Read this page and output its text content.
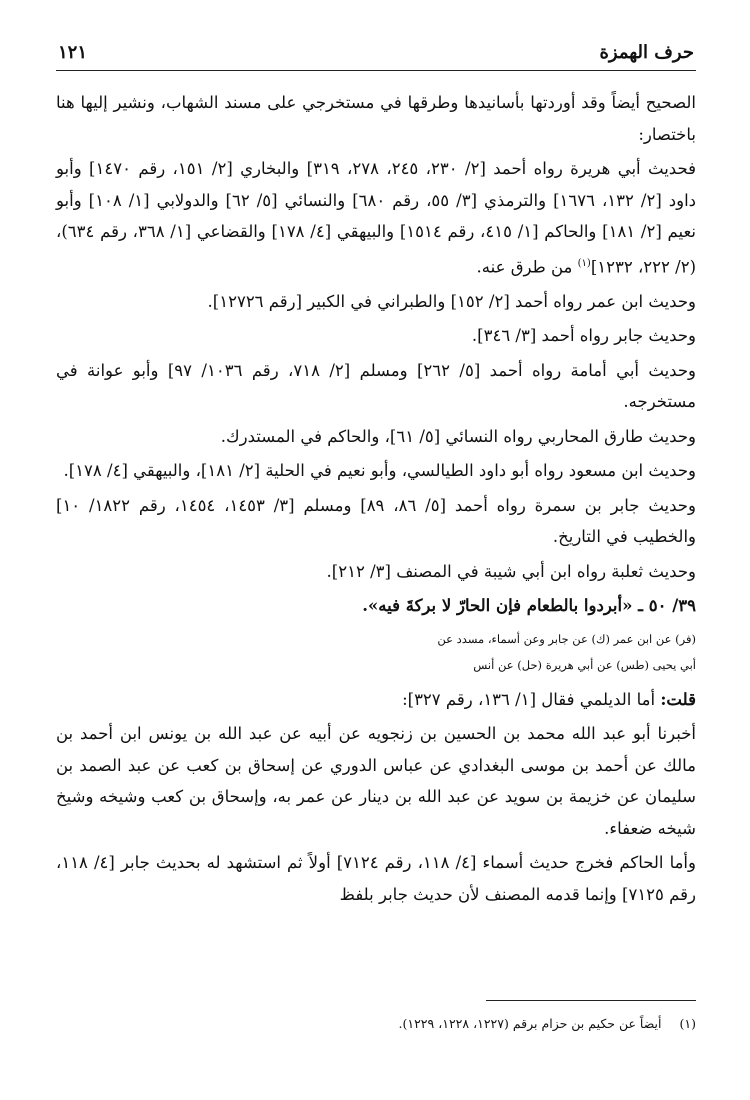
حرف الهمزة
١٢١

الصحيح أيضاً وقد أوردتها بأسانيدها وطرقها في مستخرجي على مسند الشهاب، ونشير إليها هنا باختصار:

فحديث أبي هريرة رواه أحمد [٢/ ٢٣٠، ٢٤٥، ٢٧٨، ٣١٩] والبخاري [٢/ ١٥١، رقم ١٤٧٠] وأبو داود [٢/ ١٣٢، ١٦٧٦] والترمذي [٣/ ٥٥، رقم ٦٨٠] والنسائي [٥/ ٦٢] والدولابي [١/ ١٠٨] وأبو نعيم [٢/ ١٨١] والحاكم [١/ ٤١٥، رقم ١٥١٤] والبيهقي [٤/ ١٧٨] والقضاعي [١/ ٣٦٨، رقم ٦٣٤)، (٢/ ٢٢٢، ١٢٣٢]$^{(١)}$ من طرق عنه.

وحديث ابن عمر رواه أحمد [٢/ ١٥٢] والطبراني في الكبير [رقم ١٢٧٢٦].

وحديث جابر رواه أحمد [٣/ ٣٤٦].

وحديث أبي أمامة رواه أحمد [٥/ ٢٦٢] ومسلم [٢/ ٧١٨، رقم ١٠٣٦/ ٩٧] وأبو عوانة في مستخرجه.

وحديث طارق المحاربي رواه النسائي [٥/ ٦١]، والحاكم في المستدرك.

وحديث ابن مسعود رواه أبو داود الطيالسي، وأبو نعيم في الحلية [٢/ ١٨١]، والبيهقي [٤/ ١٧٨].

وحديث جابر بن سمرة رواه أحمد [٥/ ٨٦، ٨٩] ومسلم [٣/ ١٤٥٣، ١٤٥٤، رقم ١٨٢٢/ ١٠] والخطيب في التاريخ.

وحديث ثعلبة رواه ابن أبي شيبة في المصنف [٣/ ٢١٢].

٣٩/ ٥٠ ـ «أبردوا بالطعام فإن الحارّ لا بركةَ فيه».

(فر) عن ابن عمر (ك) عن جابر وعن أسماء، مسدد عن
أبي يحيى (طس) عن أبي هريرة (حل) عن أنس

قلت: أما الديلمي فقال [١/ ١٣٦، رقم ٣٢٧]:

أخبرنا أبو عبد الله محمد بن الحسين بن زنجويه عن أبيه عن عبد الله بن يونس ابن أحمد بن مالك عن أحمد بن موسى البغدادي عن عباس الدوري عن إسحاق بن كعب عن عبد الصمد بن سليمان عن خزيمة بن سويد عن عبد الله بن دينار عن عمر به، وإسحاق بن كعب وشيخه وشيخ شيخه ضعفاء.

وأما الحاكم فخرج حديث أسماء [٤/ ١١٨، رقم ٧١٢٤] أولاً ثم استشهد له بحديث جابر [٤/ ١١٨، رقم ٧١٢٥] وإنما قدمه المصنف لأن حديث جابر بلفظ

(١)أيضاً عن حكيم بن حزام برقم (١٢٢٧، ١٢٢٨، ١٢٢٩).
